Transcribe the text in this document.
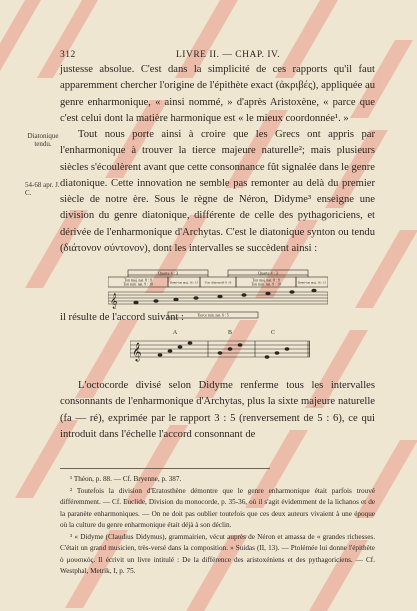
312	LIVRE II. — CHAP. IV.
justesse absolue. C'est dans la simplicité de ces rapports qu'il faut apparemment chercher l'origine de l'épithète exact (ἀκριβές), appliquée au genre enharmonique, « ainsi nommé, » d'après Aristoxène, « parce que c'est celui dont la matière harmonique est « le mieux coordonnée¹. »
Diatonique tendu.
54-68 apr. J. C.
Tout nous porte ainsi à croire que les Grecs ont appris par l'enharmonique à trouver la tierce majeure naturelle²; mais plusieurs siècles s'écoulèrent avant que cette consonnance fût signalée dans le genre diatonique. Cette innovation ne semble pas remonter au delà du premier siècle de notre ère. Sous le règne de Néron, Didyme³ enseigne une division du genre diatonique, différente de celle des pythagoriciens, et dérivée de l'enharmonique d'Archytas. C'est le diatonique synton ou tendu (διάτονον σύντονον), dont les intervalles se succèdent ainsi :
Quarte 4 : 3	Quarte 4 : 3
Ton maj. nat. 8 : 9
Ton min. nat. 9 : 10	Demi-ton maj. 16 : 15 Ton disjonctif 9 : 8
Ton maj. nat. 8 : 9
Ton min. nat. 9 : 10	Demi-ton maj. 16 : 15
Tierce min. nat. 6 : 5
𝄞
il résulte de l'accord suivant :
A	B	C
𝄞
L'octocorde divisé selon Didyme renferme tous les intervalles consonnants de l'enharmonique d'Archytas, plus la sixte majeure naturelle (fa — ré), exprimée par le rapport 3 : 5 (renversement de 5 : 6), ce qui introduit dans l'échelle l'accord consonnant de

¹ Théon, p. 88. — Cf. Bryenne, p. 387.

² Toutefois la division d'Eratosthène démontre que le genre enharmonique était parfois trouvé différemment. — Cf. Euclide, Division du monocorde, p. 35-36, où il s'agit évidemment de la lichanos et de la paranète enharmoniques. — On ne doit pas oublier toutefois que ces deux auteurs vivaient à une époque où la culture du genre enharmonique était déjà à son déclin.

³ « Didyme (Claudius Didymus), grammairien, vécut auprès de Néron et amassa de « grandes richesses. C'était un grand musicien, très-versé dans la composition. » Suidas (II, 13). — Ptolémée lui donne l'épithète ὁ μουσικός. Il écrivit un livre intitulé : De la différence des aristoxéniens et des pythagoriciens. — Cf. Westphal, Metrik, I, p. 75.
